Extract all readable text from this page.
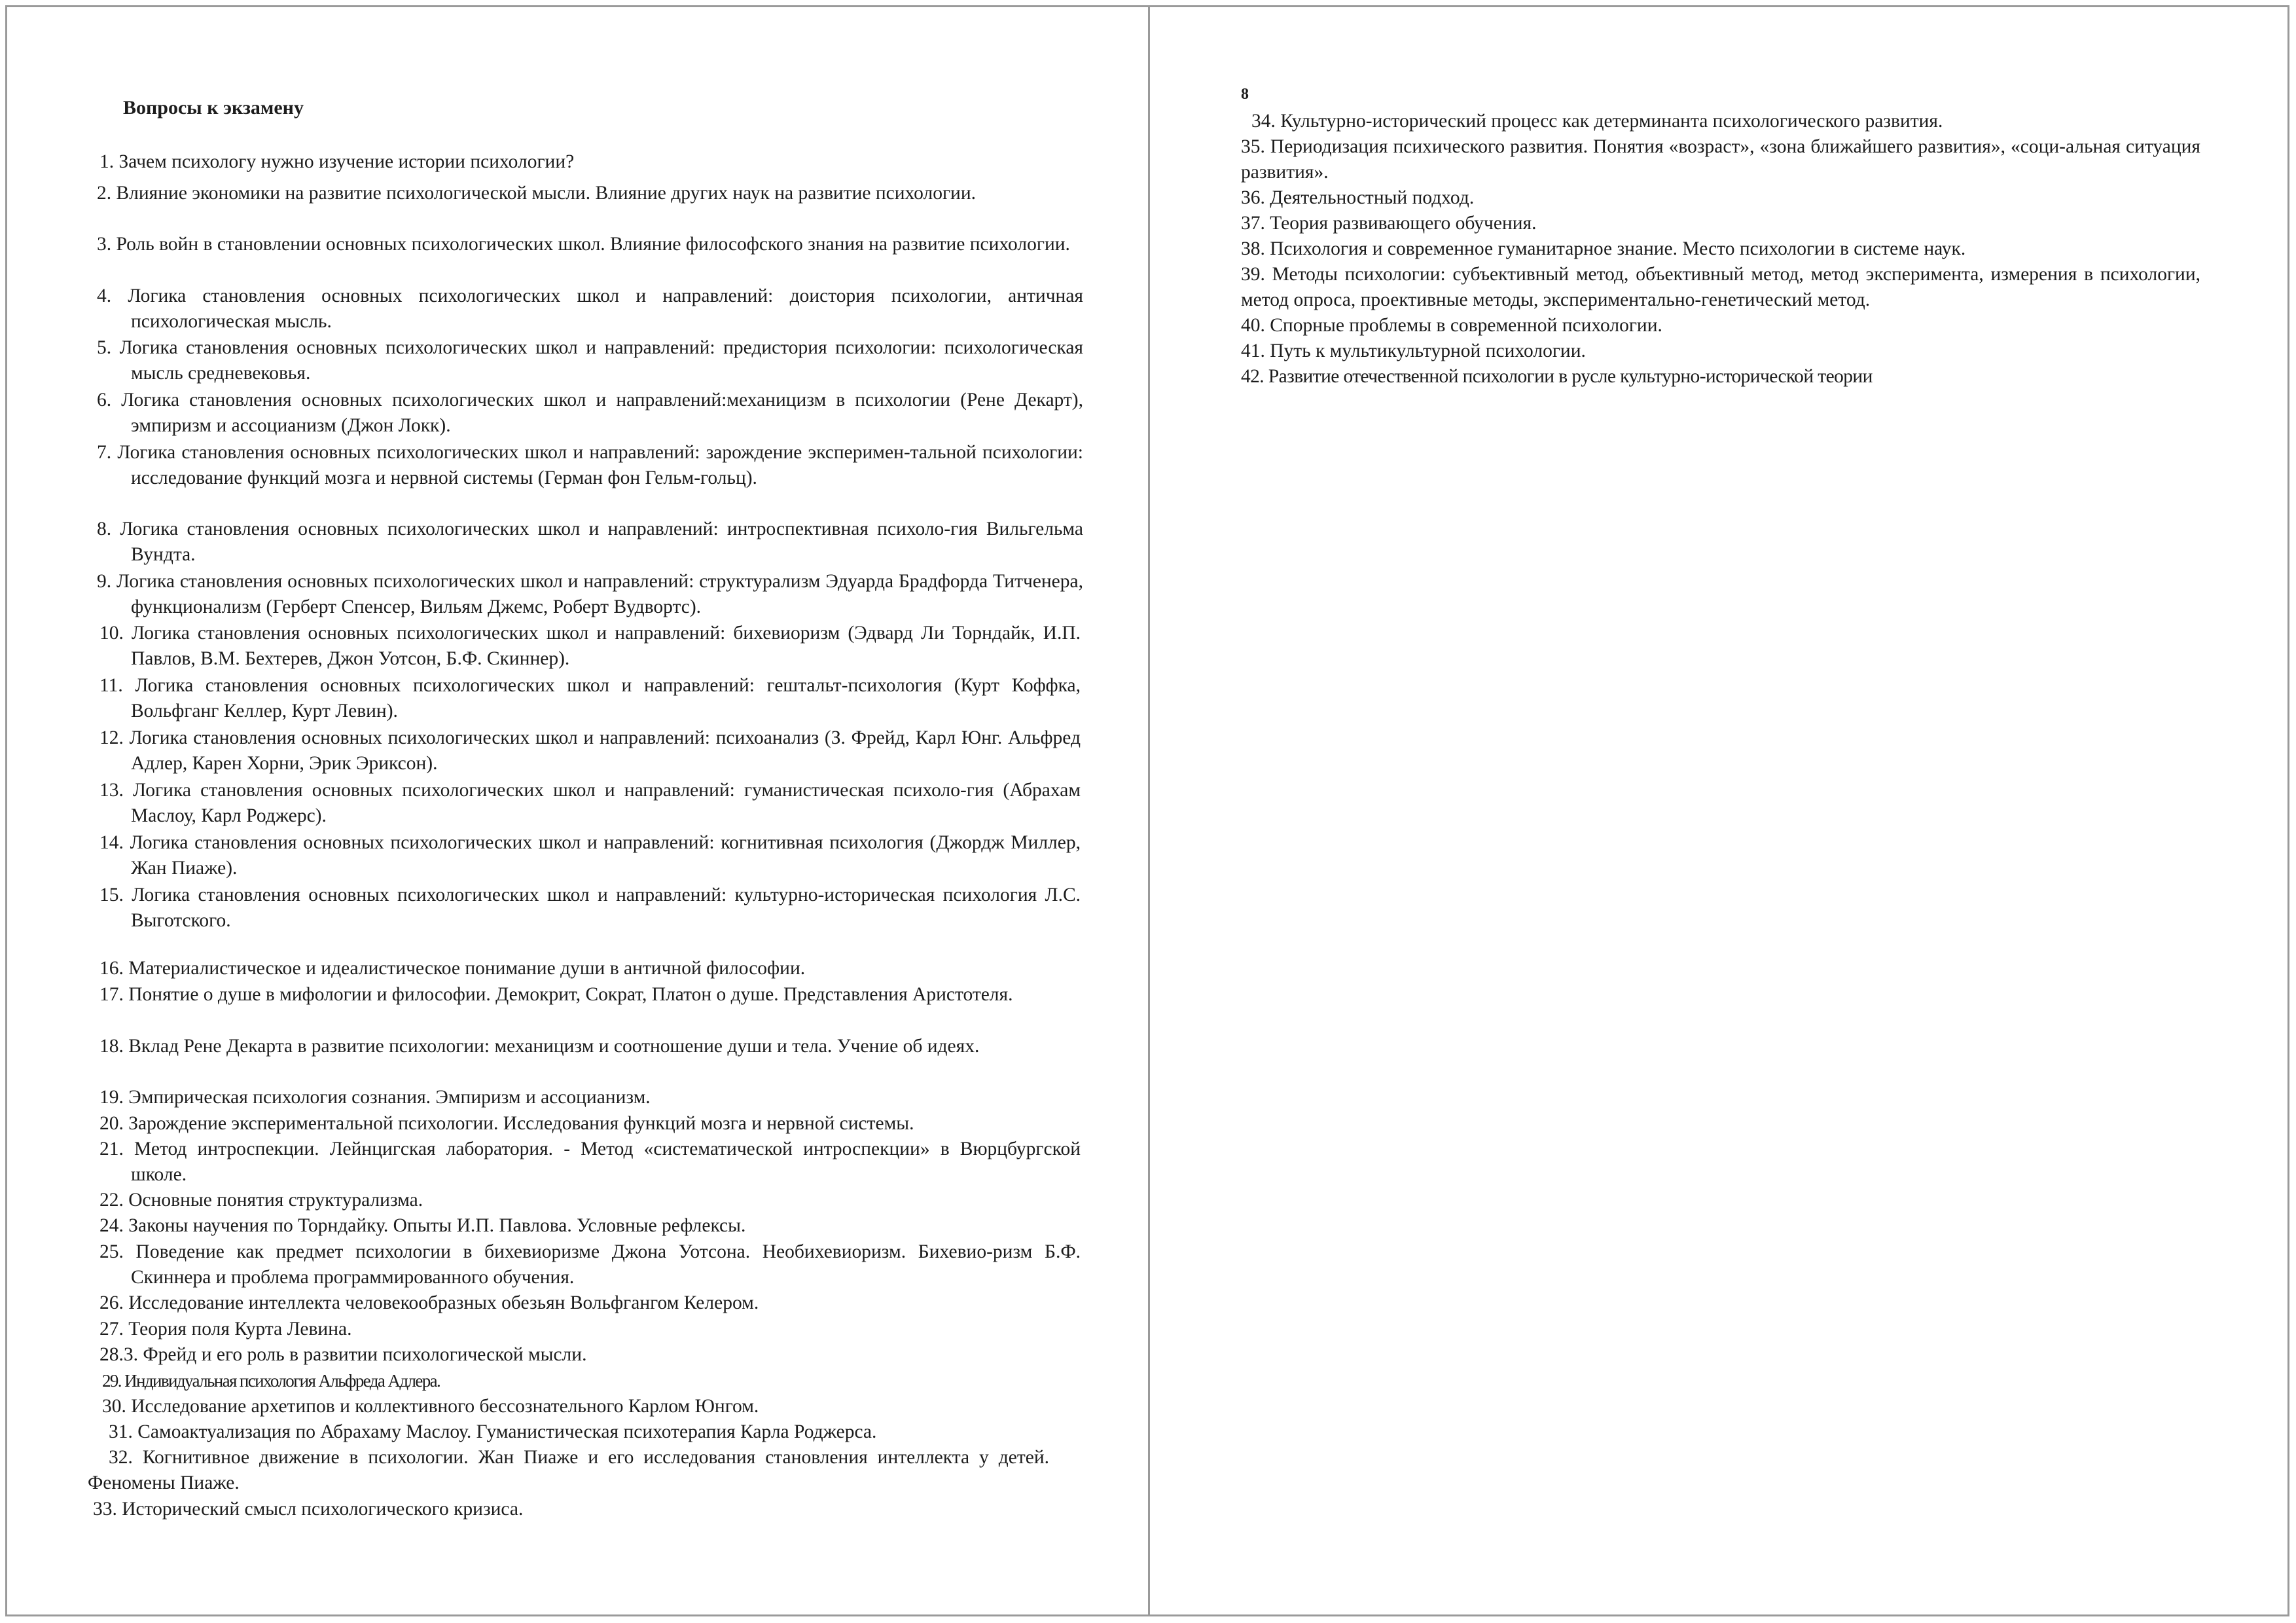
Вопросы к экзамену
1. Зачем психологу нужно изучение истории психологии?
2. Влияние экономики на развитие психологической мысли. Влияние других наук на развитие психологии.
3. Роль войн в становлении основных психологических школ. Влияние философского знания на развитие психологии.
4. Логика становления основных психологических школ и направлений: доистория психологии, античная психологическая мысль.
5. Логика становления основных психологических школ и направлений: предистория психологии: психологическая мысль средневековья.
6. Логика становления основных психологических школ и направлений:механицизм в психологии (Рене Декарт), эмпиризм и ассоцианизм (Джон Локк).
7. Логика становления основных психологических школ и направлений: зарождение эксперимен-тальной психологии: исследование функций мозга и нервной системы (Герман фон Гельм-гольц).
8. Логика становления основных психологических школ и направлений: интроспективная психоло-гия Вильгельма Вундта.
9. Логика становления основных психологических школ и направлений: структурализм Эдуарда Брадфорда Титченера, функционализм (Герберт Спенсер, Вильям Джемс, Роберт Вудвортс).
10. Логика становления основных психологических школ и направлений: бихевиоризм (Эдвард Ли Торндайк, И.П. Павлов, В.М. Бехтерев, Джон Уотсон, Б.Ф. Скиннер).
11. Логика становления основных психологических школ и направлений: гештальт-психология (Курт Коффка, Вольфганг Келлер, Курт Левин).
12. Логика становления основных психологических школ и направлений: психоанализ (З. Фрейд, Карл Юнг. Альфред Адлер, Карен Хорни, Эрик Эриксон).
13. Логика становления основных психологических школ и направлений: гуманистическая психоло-гия (Абрахам Маслоу, Карл Роджерс).
14. Логика становления основных психологических школ и направлений: когнитивная психология (Джордж Миллер, Жан Пиаже).
15. Логика становления основных психологических школ и направлений: культурно-историческая психология Л.С. Выготского.
16. Материалистическое и идеалистическое понимание души в античной философии.
17. Понятие о душе в мифологии и философии. Демокрит, Сократ, Платон о душе. Представления Аристотеля.
18. Вклад Рене Декарта в развитие психологии: механицизм и соотношение души и тела. Учение об идеях.
19. Эмпирическая психология сознания. Эмпиризм и ассоцианизм.
20. Зарождение экспериментальной психологии. Исследования функций мозга и нервной системы.
21. Метод интроспекции. Лейнцигская лаборатория. - Метод «систематической интроспекции» в Вюрцбургской школе.
22. Основные понятия структурализма.
24. Законы научения по Торндайку. Опыты И.П. Павлова. Условные рефлексы.
25. Поведение как предмет психологии в бихевиоризме Джона Уотсона. Необихевиоризм. Бихевио-ризм Б.Ф. Скиннера и проблема программированного обучения.
26. Исследование интеллекта человекообразных обезьян Вольфгангом Келером.
27. Теория поля Курта Левина.
28.3. Фрейд и его роль в развитии психологической мысли.
29. Индивидуальная психология Альфреда Адлера.
30. Исследование архетипов и коллективного бессознательного Карлом Юнгом.
31. Самоактуализация по Абрахаму Маслоу. Гуманистическая психотерапия Карла Роджерса.
32. Когнитивное движение в психологии. Жан Пиаже и его исследования становления интеллекта у детей. Феномены Пиаже.
33. Исторический смысл психологического кризиса.
8
34. Культурно-исторический процесс как детерминанта психологического развития.
35. Периодизация психического развития. Понятия «возраст», «зона ближайшего развития», «соци-альная ситуация развития».
36. Деятельностный подход.
37. Теория развивающего обучения.
38. Психология и современное гуманитарное знание. Место психологии в системе наук.
39. Методы психологии: субъективный метод, объективный метод, метод эксперимента, измерения в психологии, метод опроса, проективные методы, экспериментально-генетический метод.
40. Спорные проблемы в современной психологии.
41. Путь к мультикультурной психологии.
42. Развитие отечественной психологии в русле культурно-исторической теории
